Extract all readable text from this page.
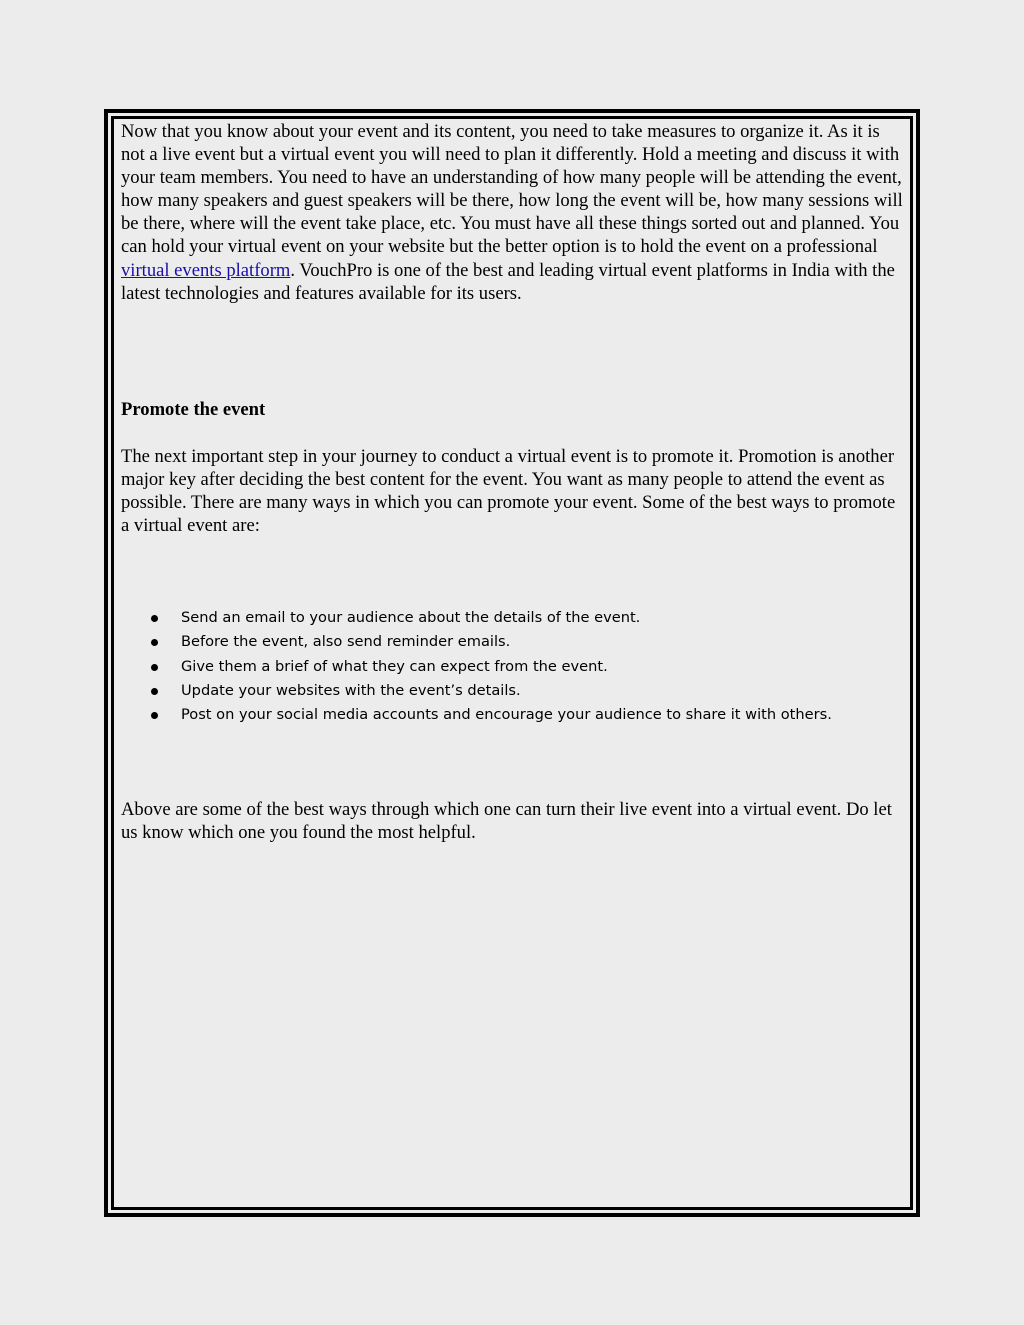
Now that you know about your event and its content, you need to take measures to organize it. As it is not a live event but a virtual event you will need to plan it differently. Hold a meeting and discuss it with your team members. You need to have an understanding of how many people will be attending the event, how many speakers and guest speakers will be there, how long the event will be, how many sessions will be there, where will the event take place, etc. You must have all these things sorted out and planned. You can hold your virtual event on your website but the better option is to hold the event on a professional virtual events platform. VouchPro is one of the best and leading virtual event platforms in India with the latest technologies and features available for its users.

Promote the event

The next important step in your journey to conduct a virtual event is to promote it. Promotion is another major key after deciding the best content for the event. You want as many people to attend the event as possible. There are many ways in which you can promote your event. Some of the best ways to promote a virtual event are:

Send an email to your audience about the details of the event.
Before the event, also send reminder emails.
Give them a brief of what they can expect from the event.
Update your websites with the event’s details.
Post on your social media accounts and encourage your audience to share it with others.

Above are some of the best ways through which one can turn their live event into a virtual event. Do let us know which one you found the most helpful.
